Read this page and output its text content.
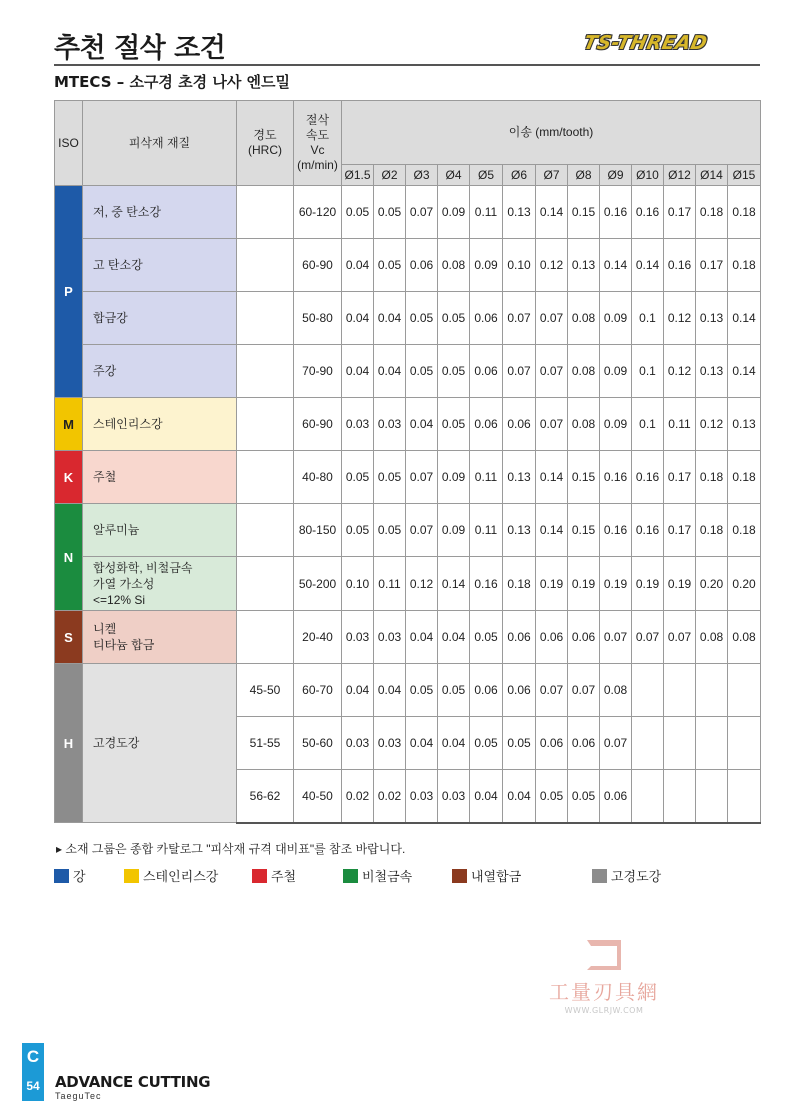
추천 절삭 조건	TS-THREAD
MTECS – 소구경 초경 나사 엔드밀
ISO	피삭재 재질	경도
(HRC)	절삭
속도
Vc
(m/min)	이송 (mm/tooth)												
				Ø1.5	Ø2	Ø3	Ø4	Ø5	Ø6	Ø7	Ø8	Ø9	Ø10	Ø12	Ø14	Ø15
P	저, 중 탄소강		60-120	0.05	0.05	0.07	0.09	0.11	0.13	0.14	0.15	0.16	0.16	0.17	0.18	0.18
	고 탄소강		60-90	0.04	0.05	0.06	0.08	0.09	0.10	0.12	0.13	0.14	0.14	0.16	0.17	0.18
	합금강		50-80	0.04	0.04	0.05	0.05	0.06	0.07	0.07	0.08	0.09	0.1	0.12	0.13	0.14
	주강		70-90	0.04	0.04	0.05	0.05	0.06	0.07	0.07	0.08	0.09	0.1	0.12	0.13	0.14
M	스테인리스강		60-90	0.03	0.03	0.04	0.05	0.06	0.06	0.07	0.08	0.09	0.1	0.11	0.12	0.13
K	주철		40-80	0.05	0.05	0.07	0.09	0.11	0.13	0.14	0.15	0.16	0.16	0.17	0.18	0.18
N	알루미늄		80-150	0.05	0.05	0.07	0.09	0.11	0.13	0.14	0.15	0.16	0.16	0.17	0.18	0.18
	합성화학, 비철금속
가열 가소성
<=12% Si		50-200	0.10	0.11	0.12	0.14	0.16	0.18	0.19	0.19	0.19	0.19	0.19	0.20	0.20
S	니켈
티타늄 합금		20-40	0.03	0.03	0.04	0.04	0.05	0.06	0.06	0.06	0.07	0.07	0.07	0.08	0.08
H	고경도강	45-50	60-70	0.04	0.04	0.05	0.05	0.06	0.06	0.07	0.07	0.08				
		51-55	50-60	0.03	0.03	0.04	0.04	0.05	0.05	0.06	0.06	0.07				
		56-62	40-50	0.02	0.02	0.03	0.03	0.04	0.04	0.05	0.05	0.06				
▸ 소재 그룹은 종합 카탈로그 "피삭재 규격 대비표"를 참조 바랍니다.
강	스테인리스강	주철	비철금속	내열합금	고경도강
工量刃具網
WWW.GLRJW.COM
C
54 ADVANCE CUTTING
TaeguTec
